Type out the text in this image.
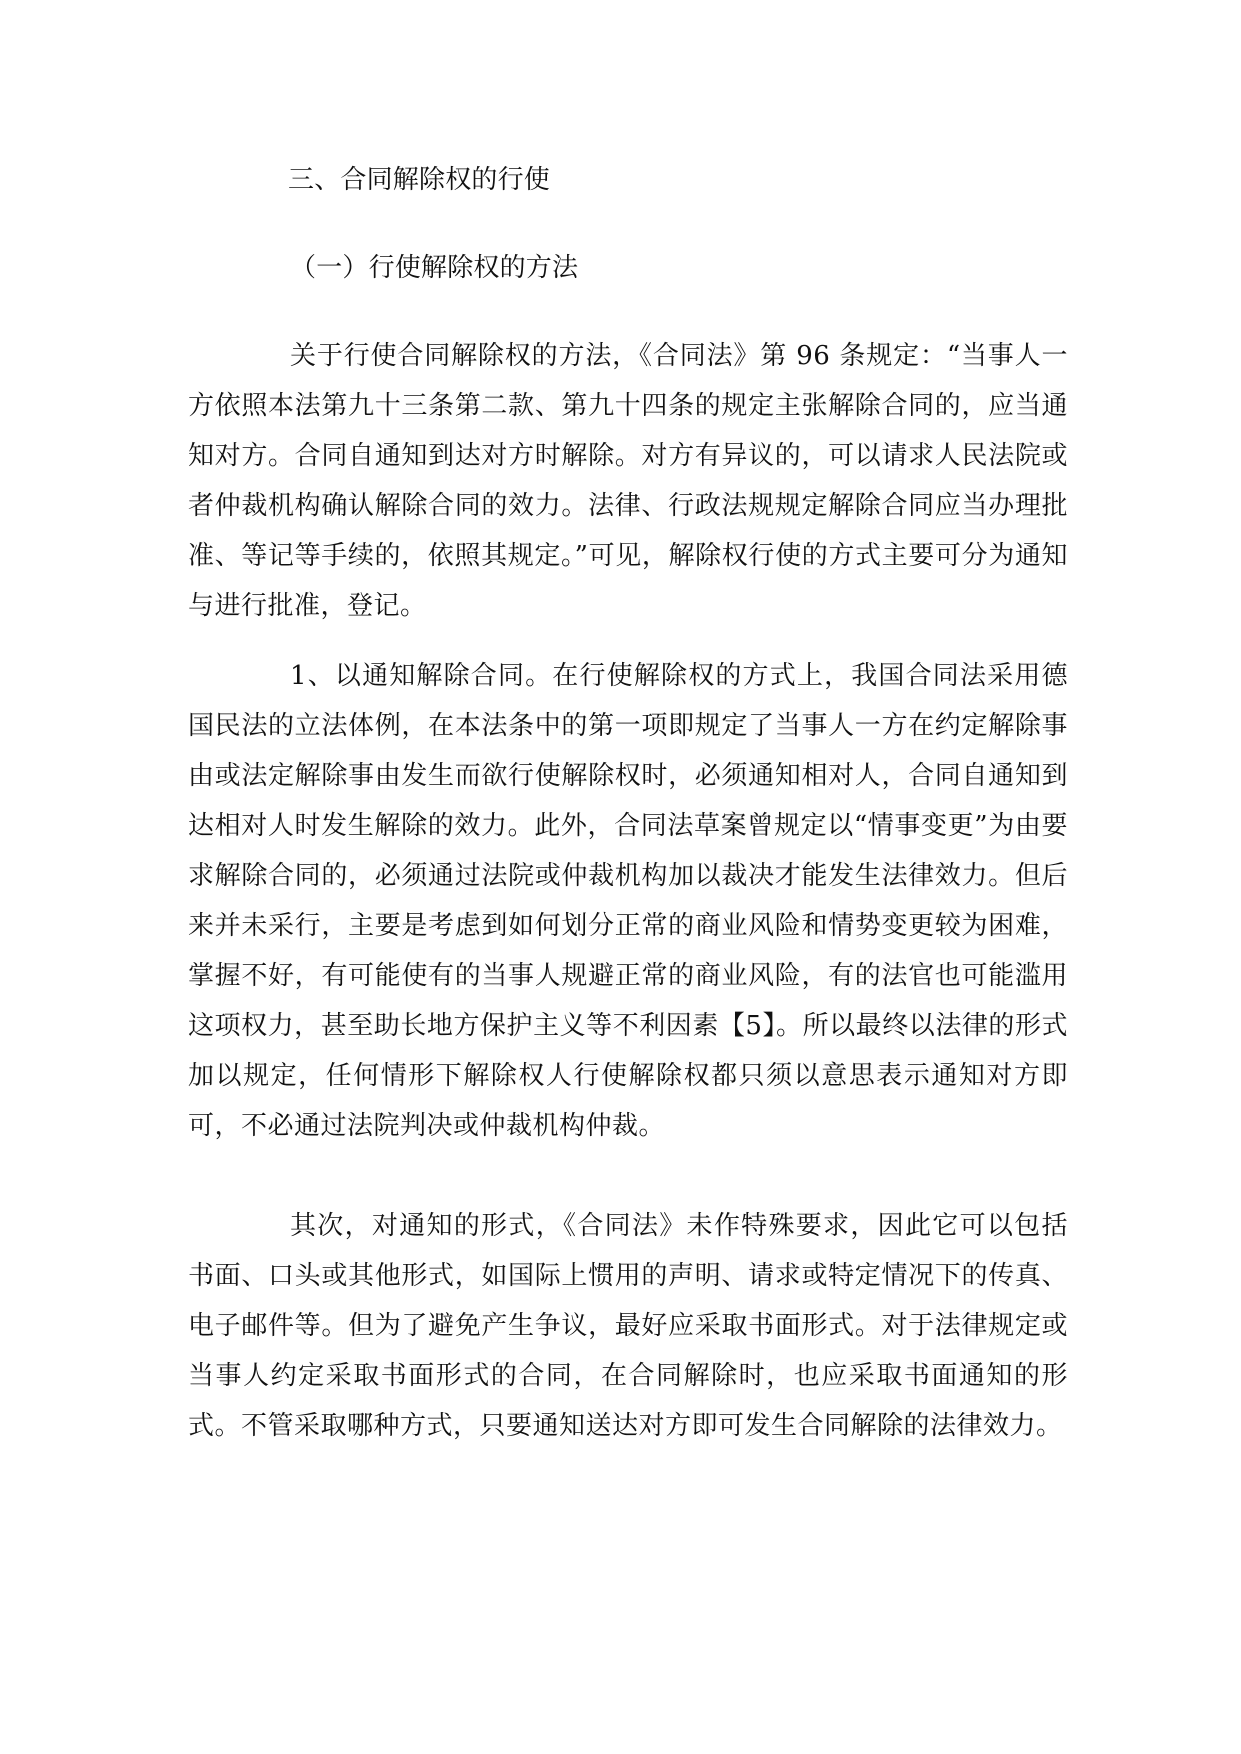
三、合同解除权的行使
（一）行使解除权的方法

关于行使合同解除权的方法，《合同法》第 96 条规定：“当事人一方依照本法第九十三条第二款、第九十四条的规定主张解除合同的，应当通知对方。合同自通知到达对方时解除。对方有异议的，可以请求人民法院或者仲裁机构确认解除合同的效力。法律、行政法规规定解除合同应当办理批准、等记等手续的，依照其规定。”可见，解除权行使的方式主要可分为通知与进行批准，登记。

1、以通知解除合同。在行使解除权的方式上，我国合同法采用德国民法的立法体例，在本法条中的第一项即规定了当事人一方在约定解除事由或法定解除事由发生而欲行使解除权时，必须通知相对人，合同自通知到达相对人时发生解除的效力。此外，合同法草案曾规定以“情事变更”为由要求解除合同的，必须通过法院或仲裁机构加以裁决才能发生法律效力。但后来并未采行，主要是考虑到如何划分正常的商业风险和情势变更较为困难，掌握不好，有可能使有的当事人规避正常的商业风险，有的法官也可能滥用这项权力，甚至助长地方保护主义等不利因素【5】。所以最终以法律的形式加以规定，任何情形下解除权人行使解除权都只须以意思表示通知对方即可，不必通过法院判决或仲裁机构仲裁。

其次，对通知的形式，《合同法》未作特殊要求，因此它可以包括书面、口头或其他形式，如国际上惯用的声明、请求或特定情况下的传真、电子邮件等。但为了避免产生争议，最好应采取书面形式。对于法律规定或当事人约定采取书面形式的合同，在合同解除时，也应采取书面通知的形式。不管采取哪种方式，只要通知送达对方即可发生合同解除的法律效力。
